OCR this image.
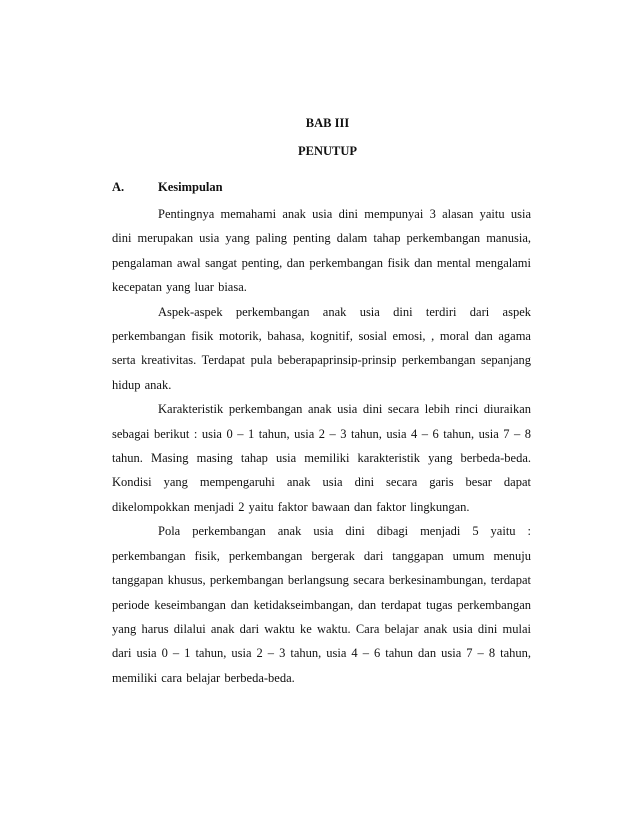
BAB III
PENUTUP
A.	Kesimpulan

Pentingnya memahami anak usia dini mempunyai 3 alasan yaitu usia dini merupakan usia yang paling penting dalam tahap perkembangan manusia, pengalaman awal sangat penting, dan perkembangan fisik dan mental mengalami kecepatan yang luar biasa.

Aspek-aspek perkembangan anak usia dini terdiri dari aspek perkembangan fisik motorik, bahasa, kognitif, sosial emosi, , moral dan agama serta kreativitas. Terdapat pula beberapaprinsip-prinsip perkembangan sepanjang hidup anak.

Karakteristik perkembangan anak usia dini secara lebih rinci diuraikan sebagai berikut : usia 0 – 1 tahun, usia 2 – 3 tahun, usia 4 – 6 tahun, usia 7 – 8 tahun. Masing masing tahap usia memiliki karakteristik yang berbeda-beda. Kondisi yang mempengaruhi anak usia dini secara garis besar dapat dikelompokkan menjadi 2 yaitu faktor bawaan dan faktor lingkungan.

Pola perkembangan anak usia dini dibagi menjadi 5 yaitu : perkembangan fisik, perkembangan bergerak dari tanggapan umum menuju tanggapan khusus, perkembangan berlangsung secara berkesinambungan, terdapat periode keseimbangan dan ketidakseimbangan, dan terdapat tugas perkembangan yang harus dilalui anak dari waktu ke waktu. Cara belajar anak usia dini mulai dari usia 0 – 1 tahun, usia 2 – 3 tahun, usia 4 – 6 tahun dan usia 7 – 8 tahun, memiliki cara belajar berbeda-beda.
